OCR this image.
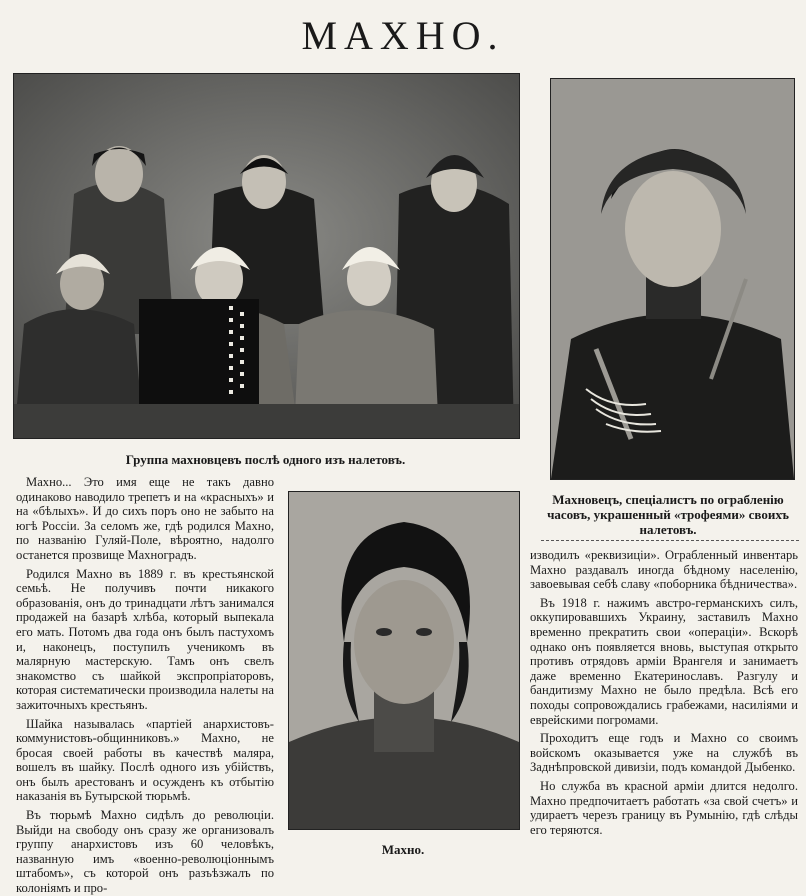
МАХНО.
Группа махновцевъ послѣ одного изъ налетовъ.
Махновецъ, спеціалистъ по ограбленію часовъ, украшенный «трофеями» своихъ налетовъ.
Махно.

Махно... Это имя еще не такъ давно одинаково наводило трепетъ и на «красныхъ» и на «бѣлыхъ». И до сихъ поръ оно не забыто на югѣ Россіи. За селомъ же, гдѣ родился Махно, по названію Гуляй-Поле, вѣроятно, надолго останется прозвище Махноградъ.

Родился Махно въ 1889 г. въ крестьянской семьѣ. Не получивъ почти никакого образованія, онъ до тринадцати лѣтъ занимался продажей на базарѣ хлѣба, который выпекала его мать. Потомъ два года онъ былъ пастухомъ и, наконецъ, поступилъ ученикомъ въ малярную мастерскую. Тамъ онъ свелъ знакомство съ шайкой экспропріаторовъ, которая систематически производила налеты на зажиточныхъ крестьянъ.

Шайка называлась «партіей анархистовъ-коммунистовъ-общинниковъ.» Махно, не бросая своей работы въ качествѣ маляра, вошелъ въ шайку. Послѣ одного изъ убійствъ, онъ былъ арестованъ и осужденъ къ отбытію наказанія въ Бутырской тюрьмѣ.

Въ тюрьмѣ Махно сидѣлъ до революціи. Выйди на свободу онъ сразу же организовалъ группу анархистовъ изъ 60 человѣкъ, названную имъ «военно-революціоннымъ штабомъ», съ которой онъ разъѣзжалъ по колоніямъ и про-

изводилъ «реквизиціи». Ограбленный инвентарь Махно раздавалъ иногда бѣдному населенію, завоевывая себѣ славу «поборника бѣдничества».

Въ 1918 г. нажимъ австро-германскихъ силъ, оккупировавшихъ Украину, заставилъ Махно временно прекратить свои «операціи». Вскорѣ однако онъ появляется вновь, выступая открыто противъ отрядовъ арміи Врангеля и занимаетъ даже временно Екатеринославъ. Разгулу и бандитизму Махно не было предѣла. Всѣ его походы сопровождались грабежами, насиліями и еврейскими погромами.

Проходитъ еще годъ и Махно со своимъ войскомъ оказывается уже на службѣ въ Заднѣпровской дивизіи, подъ командой Дыбенко.

Но служба въ красной арміи длится недолго. Махно предпочитаетъ работать «за свой счетъ» и удираетъ черезъ границу въ Румынію, гдѣ слѣды его теряются.
